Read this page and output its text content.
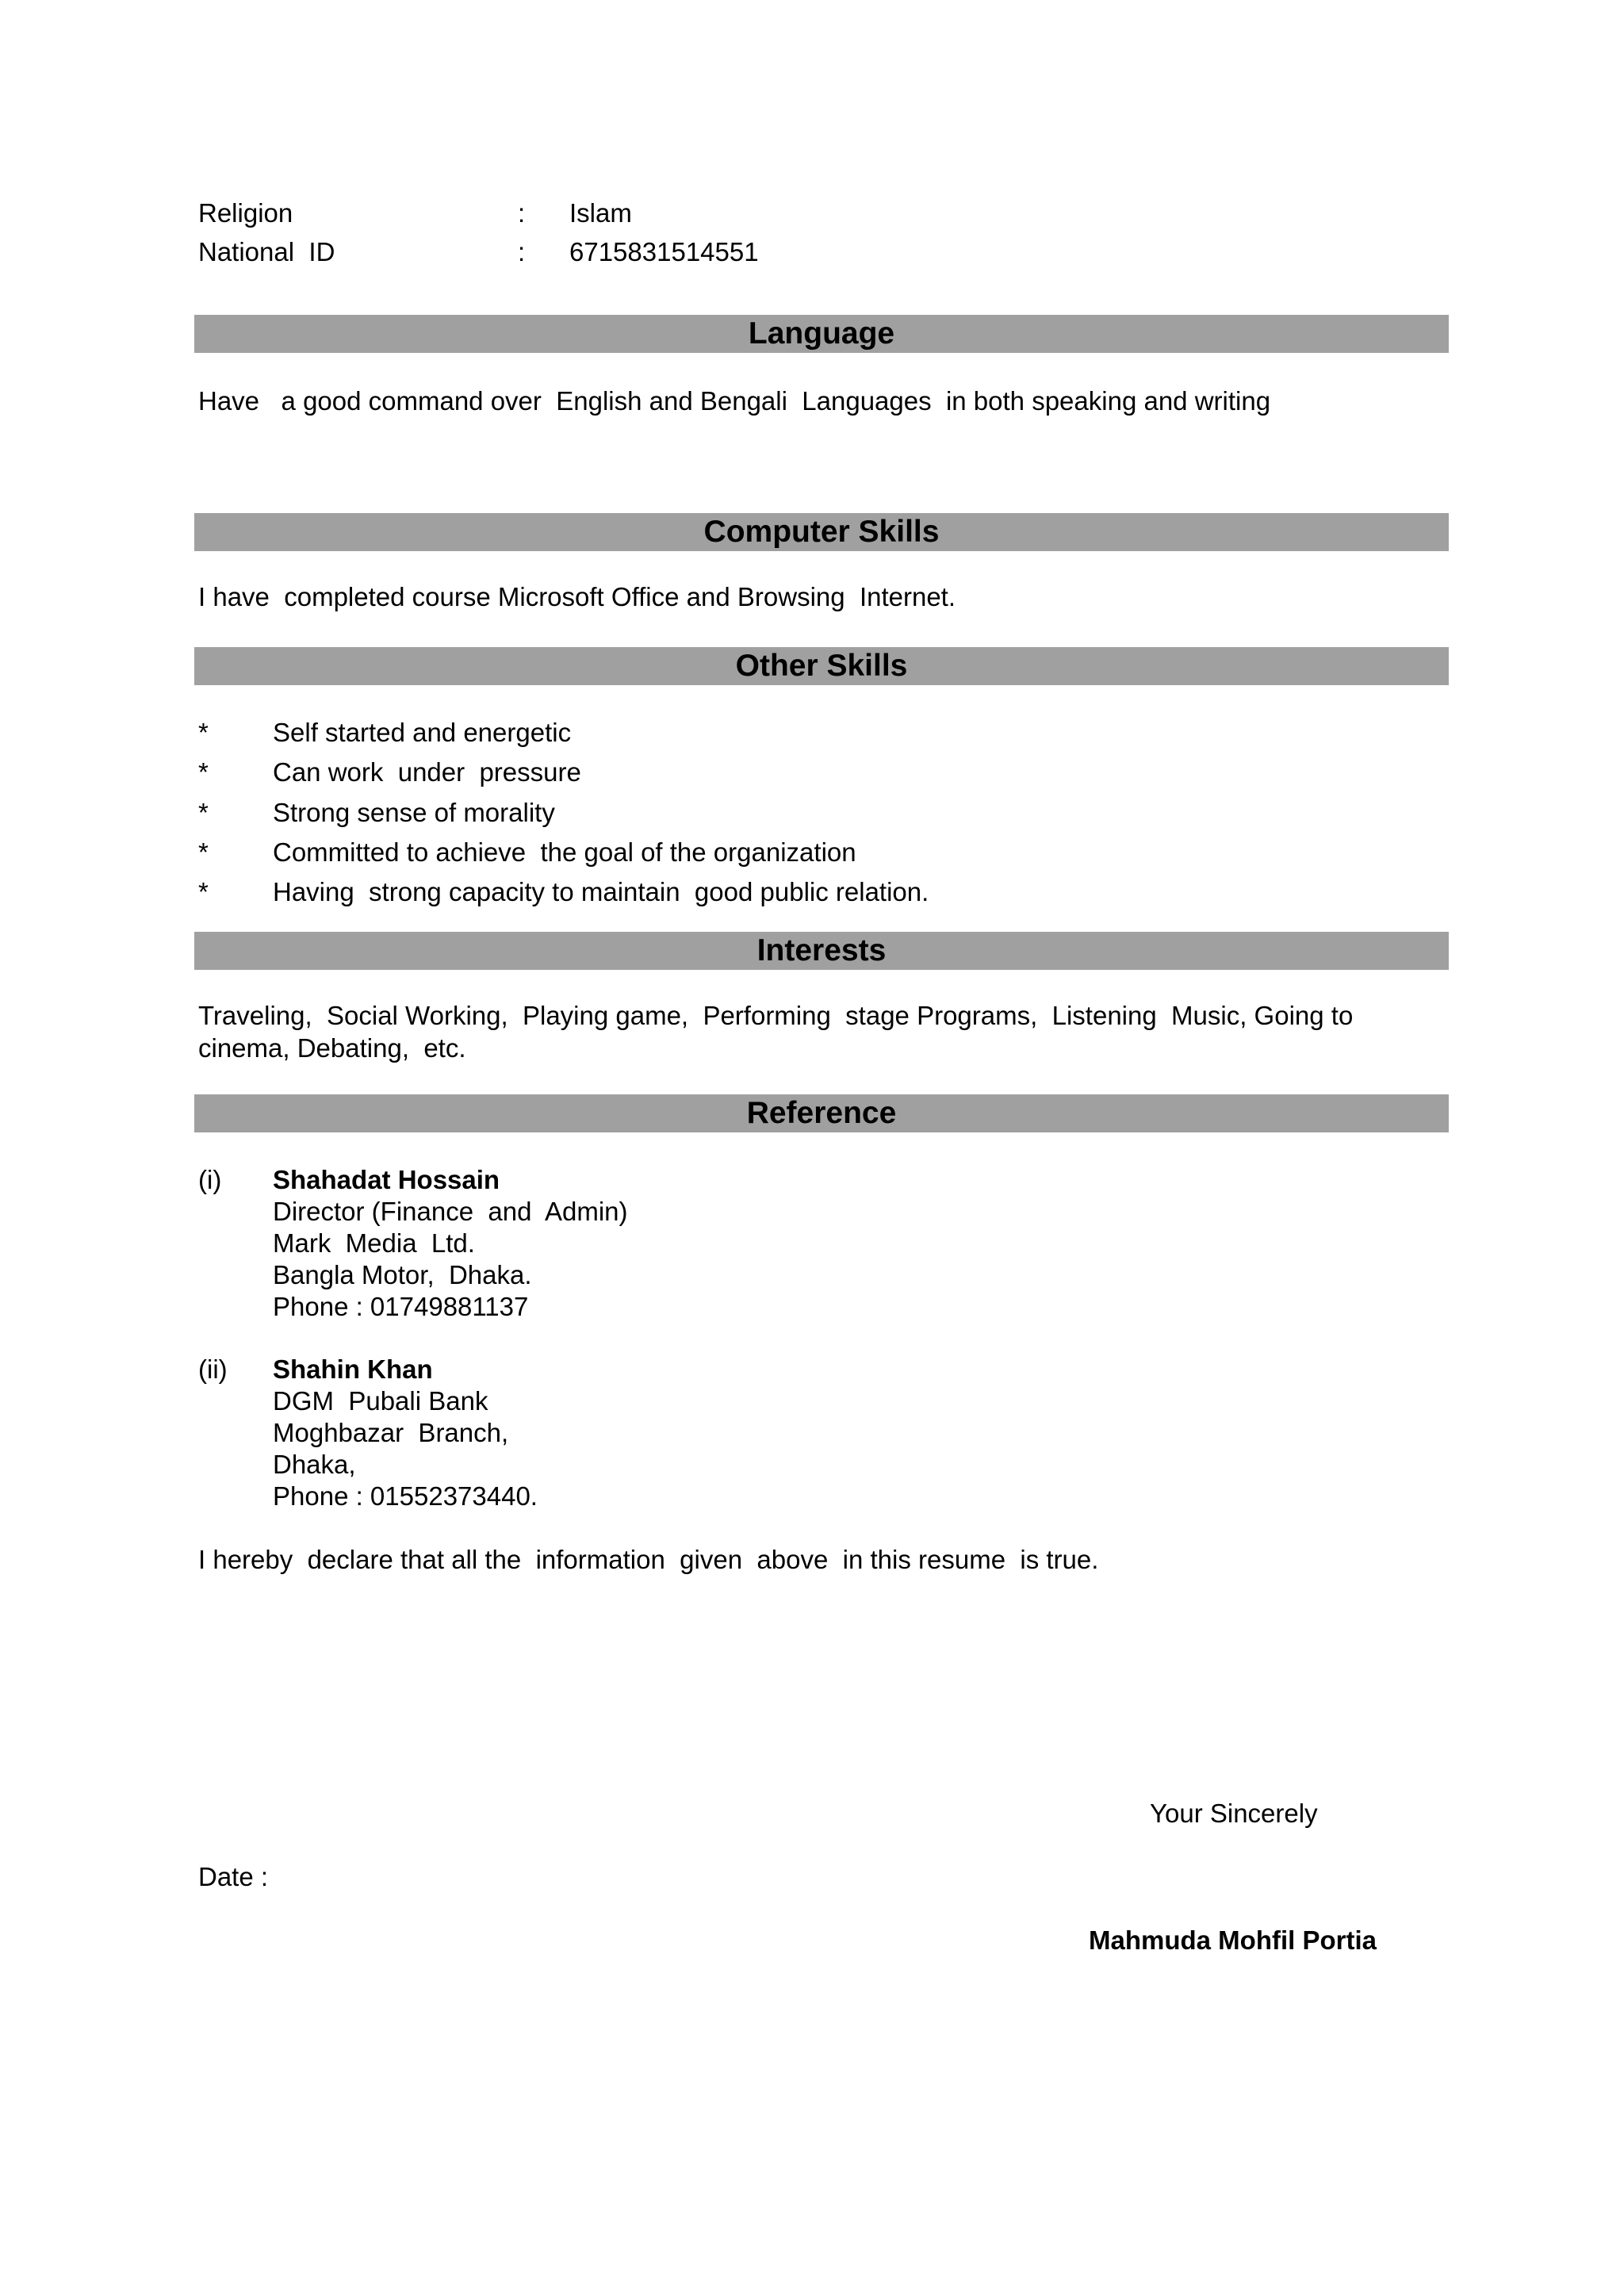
Religion	: Islam
National  ID	: 6715831514551
Language
Have   a good command over  English and Bengali  Languages  in both speaking and writing
Computer Skills
I have  completed course Microsoft Office and Browsing  Internet.
Other Skills
* Self started and energetic
* Can work  under  pressure
* Strong sense of morality
* Committed to achieve  the goal of the organization
* Having  strong capacity to maintain  good public relation.
Interests
Traveling,  Social Working,  Playing game,  Performing  stage Programs,  Listening  Music, Going to
cinema, Debating,  etc.
Reference
(i) Shahadat Hossain
Director (Finance  and  Admin)
Mark  Media  Ltd.
Bangla Motor,  Dhaka.
Phone : 01749881137
(ii) Shahin Khan
DGM  Pubali Bank
Moghbazar  Branch,
Dhaka,
Phone : 01552373440.
I hereby  declare that all the  information  given  above  in this resume  is true.
Your Sincerely
Date :
Mahmuda Mohfil Portia
